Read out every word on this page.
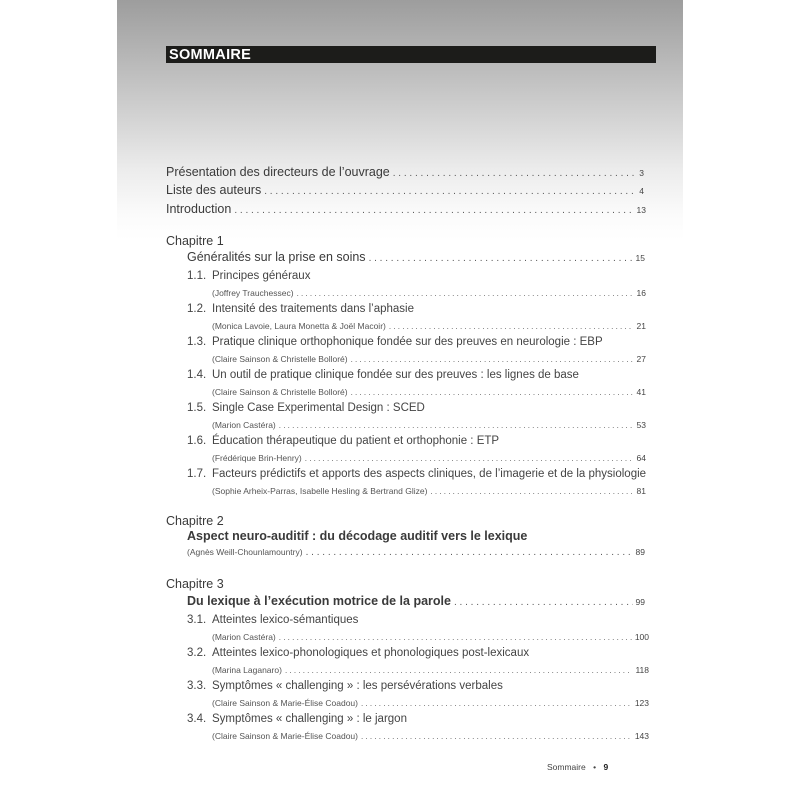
SOMMAIRE
Présentation des directeurs de l’ouvrage . . .	3
Liste des auteurs . . .	4
Introduction . . .	13
Chapitre 1
Généralités sur la prise en soins . . .	15
1.1. Principes généraux
(Joffrey Trauchessec) . . .	16
1.2. Intensité des traitements dans l’aphasie
(Monica Lavoie, Laura Monetta & Joël Macoir) . . .	21
1.3. Pratique clinique orthophonique fondée sur des preuves en neurologie : EBP
(Claire Sainson & Christelle Bolloré) . . .	27
1.4. Un outil de pratique clinique fondée sur des preuves : les lignes de base
(Claire Sainson & Christelle Bolloré) . . .	41
1.5. Single Case Experimental Design : SCED
(Marion Castéra) . . .	53
1.6. Éducation thérapeutique du patient et orthophonie : ETP
(Frédérique Brin-Henry) . . .	64
1.7. Facteurs prédictifs et apports des aspects cliniques, de l’imagerie et de la physiologie
(Sophie Arheix-Parras, Isabelle Hesling & Bertrand Glize) . . .	81
Chapitre 2
Aspect neuro-auditif : du décodage auditif vers le lexique
(Agnès Weill-Chounlamountry) . . .	89
Chapitre 3
Du lexique à l’exécution motrice de la parole . . .	99
3.1. Atteintes lexico-sémantiques
(Marion Castéra) . . .	100
3.2. Atteintes lexico-phonologiques et phonologiques post-lexicaux
(Marina Laganaro) . . .	118
3.3. Symptômes « challenging » : les persévérations verbales
(Claire Sainson & Marie-Élise Coadou) . . .	123
3.4. Symptômes « challenging » : le jargon
(Claire Sainson & Marie-Élise Coadou) . . .	143
Sommaire • 9
